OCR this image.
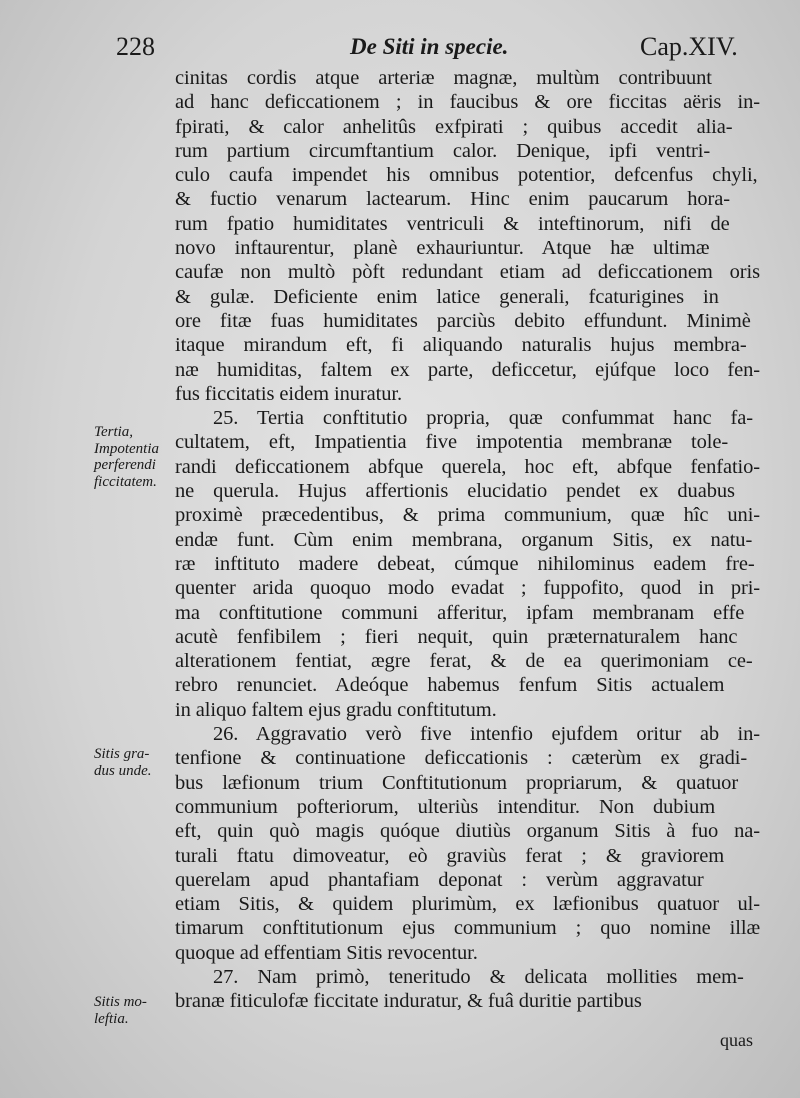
228	De Siti in specie.	Cap.XIV.
Tertia,
Impotentia
perferendi
ficcitatem.
Sitis gra-
dus unde.
Sitis mo-
leftia.
cinitas cordis atque arteriæ magnæ, multùm contribuunt
ad hanc deficcationem ; in faucibus & ore ficcitas aëris in-
fpirati, & calor anhelitûs exfpirati ; quibus accedit alia-
rum partium circumftantium calor. Denique, ipfi ventri-
culo caufa impendet his omnibus potentior, defcenfus chyli,
& fuctio venarum lactearum. Hinc enim paucarum hora-
rum fpatio humiditates ventriculi & inteftinorum, nifi de
novo inftaurentur, planè exhauriuntur. Atque hæ ultimæ
caufæ non multò pòft redundant etiam ad deficcationem oris
& gulæ. Deficiente enim latice generali, fcaturigines in
ore fitæ fuas humiditates parciùs debito effundunt. Minimè
itaque mirandum eft, fi aliquando naturalis hujus membra-
næ humiditas, faltem ex parte, deficcetur, ejúfque loco fen-
fus ficcitatis eidem inuratur.
25. Tertia conftitutio propria, quæ confummat hanc fa-
cultatem, eft, Impatientia five impotentia membranæ tole-
randi deficcationem abfque querela, hoc eft, abfque fenfatio-
ne querula. Hujus affertionis elucidatio pendet ex duabus
proximè præcedentibus, & prima communium, quæ hîc uni-
endæ funt. Cùm enim membrana, organum Sitis, ex natu-
ræ inftituto madere debeat, cúmque nihilominus eadem fre-
quenter arida quoquo modo evadat ; fuppofito, quod in pri-
ma conftitutione communi afferitur, ipfam membranam effe
acutè fenfibilem ; fieri nequit, quin præternaturalem hanc
alterationem fentiat, ægre ferat, & de ea querimoniam ce-
rebro renunciet. Adeóque habemus fenfum Sitis actualem
in aliquo faltem ejus gradu conftitutum.
26. Aggravatio verò five intenfio ejufdem oritur ab in-
tenfione & continuatione deficcationis : cæterùm ex gradi-
bus læfionum trium Conftitutionum propriarum, & quatuor
communium pofteriorum, ulteriùs intenditur. Non dubium
eft, quin quò magis quóque diutiùs organum Sitis à fuo na-
turali ftatu dimoveatur, eò graviùs ferat ; & graviorem
querelam apud phantafiam deponat : verùm aggravatur
etiam Sitis, & quidem plurimùm, ex læfionibus quatuor ul-
timarum conftitutionum ejus communium ; quo nomine illæ
quoque ad effentiam Sitis revocentur.
27. Nam primò, teneritudo & delicata mollities mem-
branæ fiticulofæ ficcitate induratur, & fuâ duritie partibus
quas
